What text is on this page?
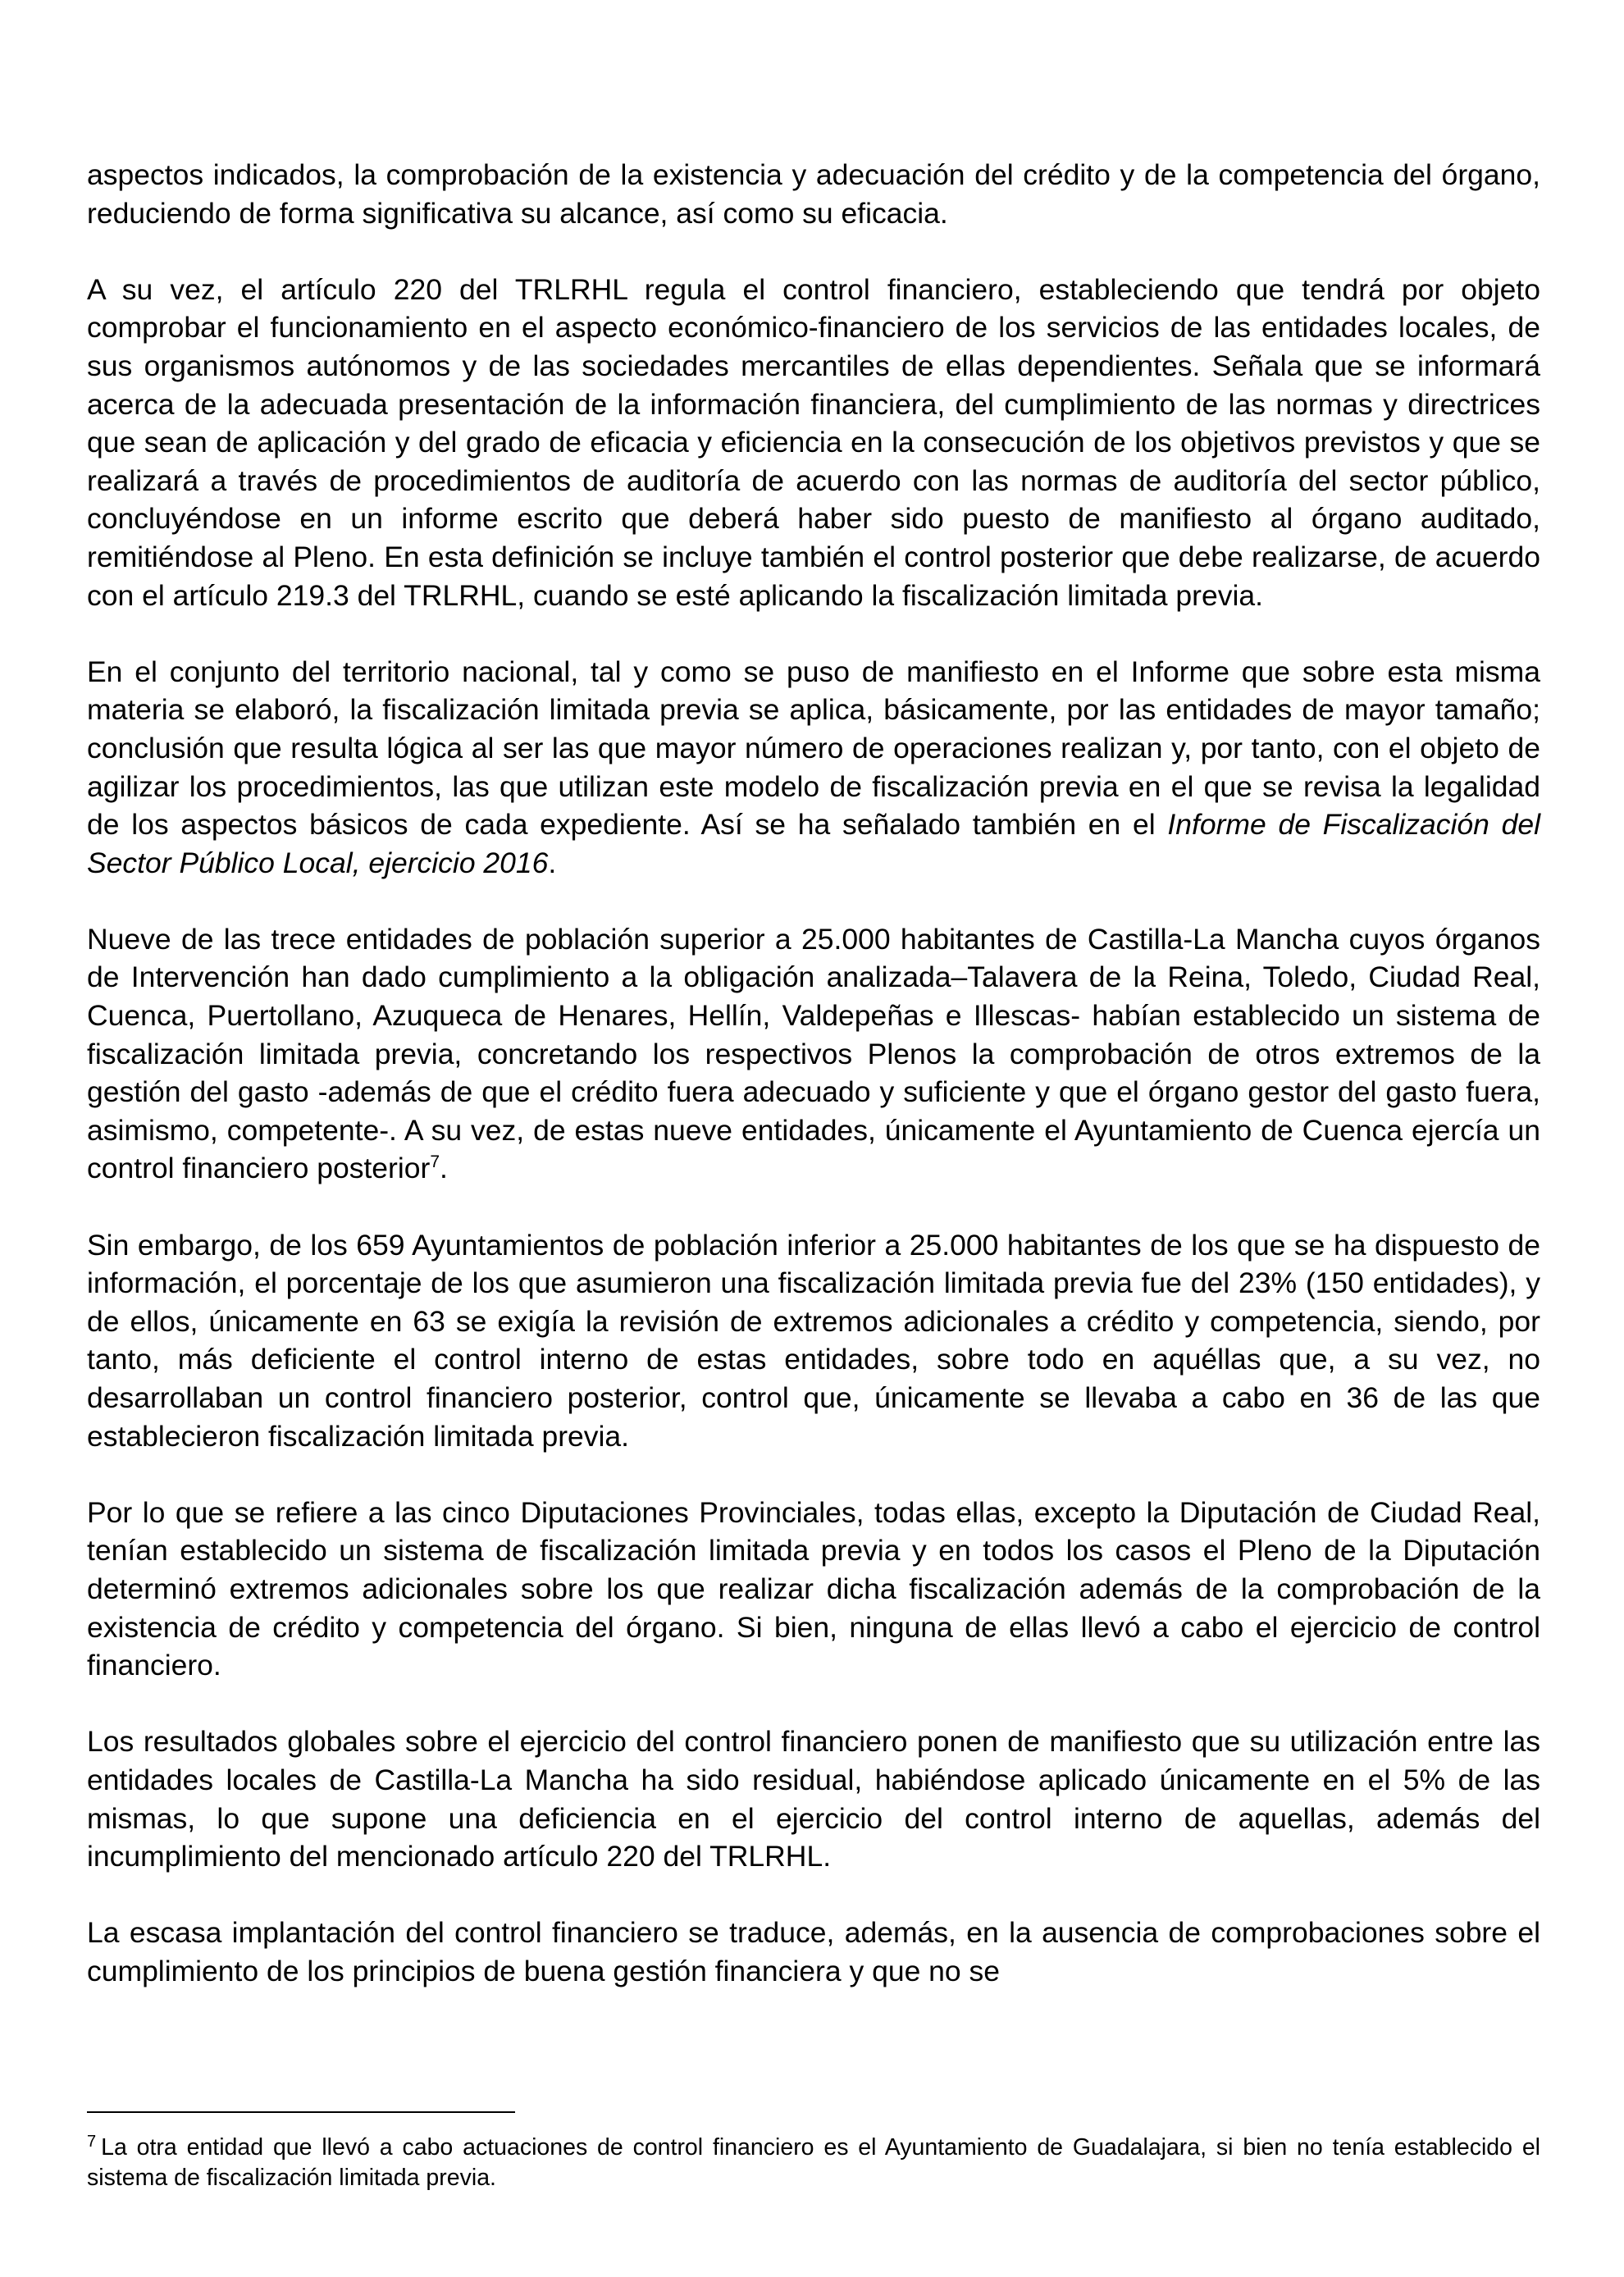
aspectos indicados, la comprobación de la existencia y adecuación del crédito y de la competencia del órgano, reduciendo de forma significativa su alcance, así como su eficacia.

A su vez, el artículo 220 del TRLRHL regula el control financiero, estableciendo que tendrá por objeto comprobar el funcionamiento en el aspecto económico-financiero de los servicios de las entidades locales, de sus organismos autónomos y de las sociedades mercantiles de ellas dependientes. Señala que se informará acerca de la adecuada presentación de la información financiera, del cumplimiento de las normas y directrices que sean de aplicación y del grado de eficacia y eficiencia en la consecución de los objetivos previstos y que se realizará a través de procedimientos de auditoría de acuerdo con las normas de auditoría del sector público, concluyéndose en un informe escrito que deberá haber sido puesto de manifiesto al órgano auditado, remitiéndose al Pleno. En esta definición se incluye también el control posterior que debe realizarse, de acuerdo con el artículo 219.3 del TRLRHL, cuando se esté aplicando la fiscalización limitada previa.

En el conjunto del territorio nacional, tal y como se puso de manifiesto en el Informe que sobre esta misma materia se elaboró, la fiscalización limitada previa se aplica, básicamente, por las entidades de mayor tamaño; conclusión que resulta lógica al ser las que mayor número de operaciones realizan y, por tanto, con el objeto de agilizar los procedimientos, las que utilizan este modelo de fiscalización previa en el que se revisa la legalidad de los aspectos básicos de cada expediente. Así se ha señalado también en el Informe de Fiscalización del Sector Público Local, ejercicio 2016.

Nueve de las trece entidades de población superior a 25.000 habitantes de Castilla-La Mancha cuyos órganos de Intervención han dado cumplimiento a la obligación analizada–Talavera de la Reina, Toledo, Ciudad Real, Cuenca, Puertollano, Azuqueca de Henares, Hellín, Valdepeñas e Illescas- habían establecido un sistema de fiscalización limitada previa, concretando los respectivos Plenos la comprobación de otros extremos de la gestión del gasto -además de que el crédito fuera adecuado y suficiente y que el órgano gestor del gasto fuera, asimismo, competente-. A su vez, de estas nueve entidades, únicamente el Ayuntamiento de Cuenca ejercía un control financiero posterior$^7$.

Sin embargo, de los 659 Ayuntamientos de población inferior a 25.000 habitantes de los que se ha dispuesto de información, el porcentaje de los que asumieron una fiscalización limitada previa fue del 23% (150 entidades), y de ellos, únicamente en 63 se exigía la revisión de extremos adicionales a crédito y competencia, siendo, por tanto, más deficiente el control interno de estas entidades, sobre todo en aquéllas que, a su vez, no desarrollaban un control financiero posterior, control que, únicamente se llevaba a cabo en 36 de las que establecieron fiscalización limitada previa.

Por lo que se refiere a las cinco Diputaciones Provinciales, todas ellas, excepto la Diputación de Ciudad Real, tenían establecido un sistema de fiscalización limitada previa y en todos los casos el Pleno de la Diputación determinó extremos adicionales sobre los que realizar dicha fiscalización además de la comprobación de la existencia de crédito y competencia del órgano. Si bien, ninguna de ellas llevó a cabo el ejercicio de control financiero.

Los resultados globales sobre el ejercicio del control financiero ponen de manifiesto que su utilización entre las entidades locales de Castilla-La Mancha ha sido residual, habiéndose aplicado únicamente en el 5% de las mismas, lo que supone una deficiencia en el ejercicio del control interno de aquellas, además del incumplimiento del mencionado artículo 220 del TRLRHL.

La escasa implantación del control financiero se traduce, además, en la ausencia de comprobaciones sobre el cumplimiento de los principios de buena gestión financiera y que no se

$^7$ La otra entidad que llevó a cabo actuaciones de control financiero es el Ayuntamiento de Guadalajara, si bien no tenía establecido el sistema de fiscalización limitada previa.
